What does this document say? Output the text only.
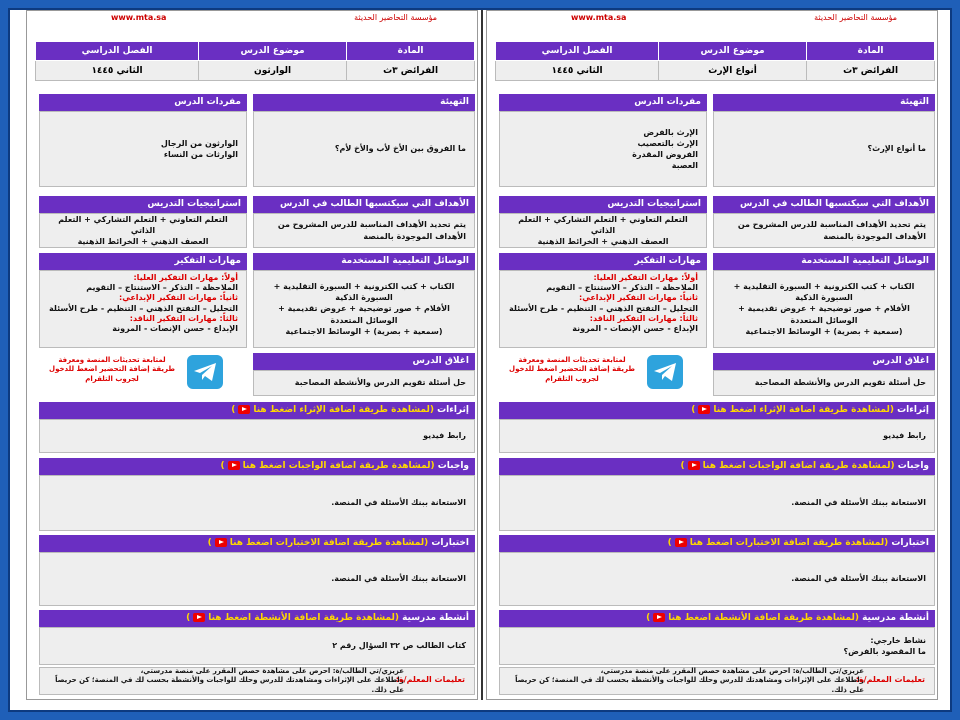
www.mta.sa	مؤسسة التحاضير الحديثة
المادة	موضوع الدرس	الفصل الدراسي
الفرائض ٣ث	أنواع الإرث	الثاني ١٤٤٥
التهيئة
مفردات الدرس
ما أنواع الإرث؟
الإرث بالفرض
الإرث بالتعصيب
الفروض المقدرة
العصبة
الأهداف التي سيكتسبها الطالب في الدرس
استراتيجيات التدريس
يتم تحديد الأهداف المناسبة للدرس المشروح من الأهداف الموجودة بالمنصة
التعلم التعاوني + التعلم التشاركي + التعلم الذاتي
العصف الذهني + الخرائط الذهنية
الوسائل التعليمية المستخدمة
مهارات التفكير
الكتاب + كتب الكترونية + السبورة التقليدية + السبورة الذكية
الأفلام + صور توضيحية + عروض تقديمية + الوسائل المتعددة
(سمعية + بصرية) + الوسائط الاجتماعية
أولاً: مهارات التفكير العليا:
الملاحظة – التذكر – الاستنتاج – التقويم
ثانياً: مهارات التفكير الإبداعي:
التحليل – التفتح الذهني – التنظيم - طرح الأسئلة
ثالثاً: مهارات التفكير الناقد:
الإبداع - حسن الإنصات - المرونة
اغلاق الدرس
حل أسئلة تقويم الدرس والأنشطة المصاحبة
لمتابعة تحديثات المنصة ومعرفة طريقة إضافة التحضير اضغط للدخول لجروب التلقرام
إثراءات (لمشاهدة طريقة اضافة الإثراء اضغط هنا)
رابط فيديو
واجبات (لمشاهدة طريقة اضافة الواجبات اضغط هنا)
الاستعانة ببنك الأسئلة في المنصة.
اختبارات (لمشاهدة طريقة اضافة الاختبارات اضغط هنا)
الاستعانة ببنك الأسئلة في المنصة.
أنشطة مدرسية (لمشاهدة طريقة اضافة الأنشطة اضغط هنا)
نشاط خارجي:
ما المقصود بالفرض؟
عزيزي/تي الطالب/ة: احرص على مشاهدة حصص المقرر على منصة مدرستي،
واطلاعك على الإثراءات ومشاهدتك للدرس وحلك للواجبات والأنشطة بحسب لك في المنصة؛ كن حريصاً على ذلك.
تعليمات المعلم/ة:
www.mta.sa	مؤسسة التحاضير الحديثة
المادة	موضوع الدرس	الفصل الدراسي
الفرائض ٣ث	الوارثون	الثاني ١٤٤٥
التهيئة
مفردات الدرس
ما الفروق بين الأخ لأب والأخ لأم؟
الوارثون من الرجال
الوارثات من النساء
الأهداف التي سيكتسبها الطالب في الدرس
استراتيجيات التدريس
يتم تحديد الأهداف المناسبة للدرس المشروح من الأهداف الموجودة بالمنصة
التعلم التعاوني + التعلم التشاركي + التعلم الذاتي
العصف الذهني + الخرائط الذهنية
الوسائل التعليمية المستخدمة
مهارات التفكير
الكتاب + كتب الكترونية + السبورة التقليدية + السبورة الذكية
الأفلام + صور توضيحية + عروض تقديمية + الوسائل المتعددة
(سمعية + بصرية) + الوسائط الاجتماعية
أولاً: مهارات التفكير العليا:
الملاحظة – التذكر – الاستنتاج – التقويم
ثانياً: مهارات التفكير الإبداعي:
التحليل – التفتح الذهني – التنظيم - طرح الأسئلة
ثالثاً: مهارات التفكير الناقد:
الإبداع - حسن الإنصات - المرونة
اغلاق الدرس
حل أسئلة تقويم الدرس والأنشطة المصاحبة
لمتابعة تحديثات المنصة ومعرفة طريقة إضافة التحضير اضغط للدخول لجروب التلقرام
إثراءات (لمشاهدة طريقة اضافة الإثراء اضغط هنا)
رابط فيديو
واجبات (لمشاهدة طريقة اضافة الواجبات اضغط هنا)
الاستعانة ببنك الأسئلة في المنصة.
اختبارات (لمشاهدة طريقة اضافة الاختبارات اضغط هنا)
الاستعانة ببنك الأسئلة في المنصة.
أنشطة مدرسية (لمشاهدة طريقة اضافة الأنشطة اضغط هنا)
كتاب الطالب ص ٣٢ السؤال رقم ٢
عزيزي/تي الطالب/ة: احرص على مشاهدة حصص المقرر على منصة مدرستي،
واطلاعك على الإثراءات ومشاهدتك للدرس وحلك للواجبات والأنشطة بحسب لك في المنصة؛ كن حريصاً على ذلك.
تعليمات المعلم/ة:
